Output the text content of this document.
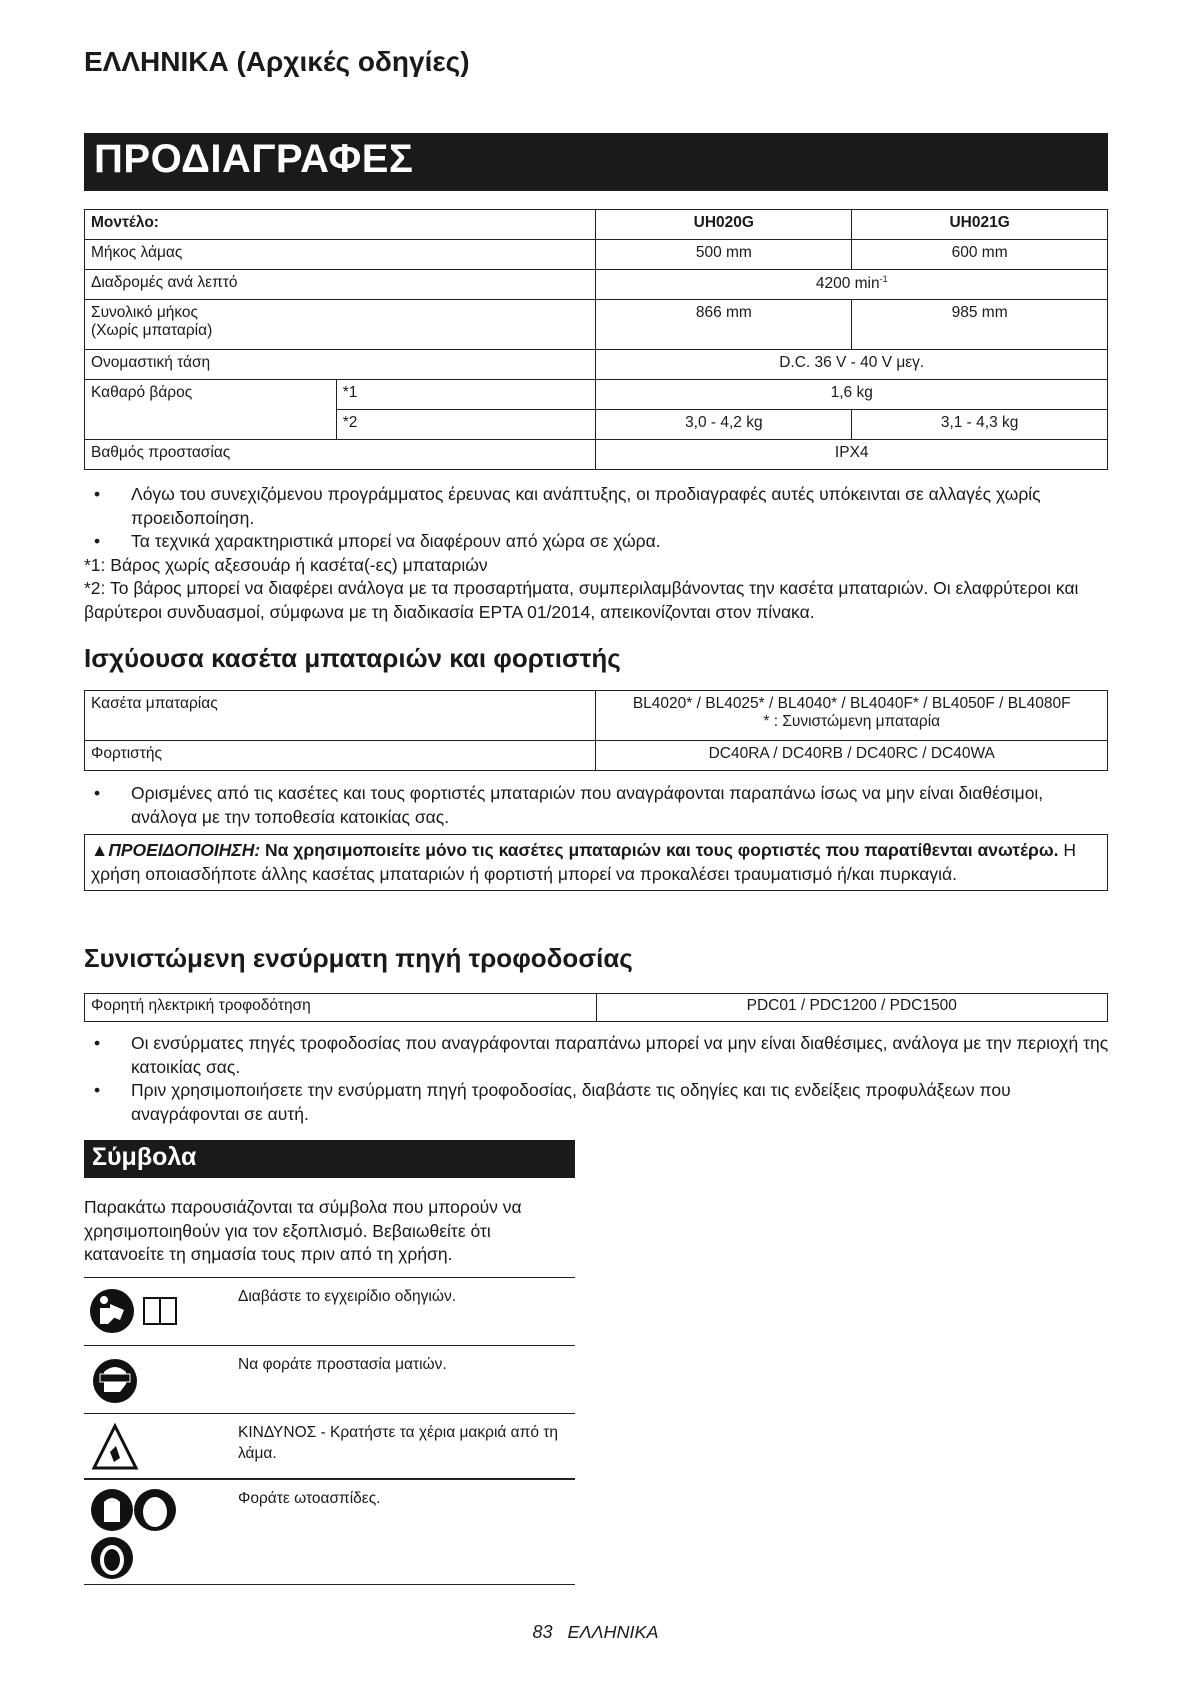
ΕΛΛΗΝΙΚΑ (Αρχικές οδηγίες)
ΠΡΟΔΙΑΓΡΑΦΕΣ
Μοντέλο:		UH020G	UH021G
Μήκος λάμας		500 mm	600 mm
Διαδρομές ανά λεπτό		4200 $\min^{-1}$

Συνολικό μήκος
(Χωρίς μπαταρία)		866 mm	985 mm
Ονομαστική τάση		D.C. 36 V - 40 V μεγ.	
Καθαρό βάρος	*1	1,6 kg	
	*2	3,0 - 4,2 kg	3,1 - 4,3 kg
Βαθμός προστασίας		IPX4	
• Λόγω του συνεχιζόμενου προγράμματος έρευνας και ανάπτυξης, οι προδιαγραφές αυτές υπόκεινται σε αλλαγές χωρίς προειδοποίηση.
• Τα τεχνικά χαρακτηριστικά μπορεί να διαφέρουν από χώρα σε χώρα.
*1: Βάρος χωρίς αξεσουάρ ή κασέτα(-ες) μπαταριών
*2: Το βάρος μπορεί να διαφέρει ανάλογα με τα προσαρτήματα, συμπεριλαμβάνοντας την κασέτα μπαταριών. Οι ελαφρύτεροι και βαρύτεροι συνδυασμοί, σύμφωνα με τη διαδικασία EPTA 01/2014, απεικονίζονται στον πίνακα.
Ισχύουσα κασέτα μπαταριών και φορτιστής
Κασέτα μπαταρίας	BL4020* / BL4025* / BL4040* / BL4040F* / BL4050F / BL4080F
* : Συνιστώμενη μπαταρία

Φορτιστής	DC40RA / DC40RB / DC40RC / DC40WA
• Ορισμένες από τις κασέτες και τους φορτιστές μπαταριών που αναγράφονται παραπάνω ίσως να μην είναι διαθέσιμοι, ανάλογα με την τοποθεσία κατοικίας σας.
▲ΠΡΟΕΙΔΟΠΟΙΗΣΗ: Να χρησιμοποιείτε μόνο τις κασέτες μπαταριών και τους φορτιστές που παρατίθενται ανωτέρω. Η χρήση οποιασδήποτε άλλης κασέτας μπαταριών ή φορτιστή μπορεί να προκαλέσει τραυματισμό ή/και πυρκαγιά.
Συνιστώμενη ενσύρματη πηγή τροφοδοσίας
Φορητή ηλεκτρική τροφοδότηση	PDC01 / PDC1200 / PDC1500
• Οι ενσύρματες πηγές τροφοδοσίας που αναγράφονται παραπάνω μπορεί να μην είναι διαθέσιμες, ανάλογα με την περιοχή της κατοικίας σας.
• Πριν χρησιμοποιήσετε την ενσύρματη πηγή τροφοδοσίας, διαβάστε τις οδηγίες και τις ενδείξεις προφυλάξεων που αναγράφονται σε αυτή.
Σύμβολα
Παρακάτω παρουσιάζονται τα σύμβολα που μπορούν να χρησιμοποιηθούν για τον εξοπλισμό. Βεβαιωθείτε ότι κατανοείτε τη σημασία τους πριν από τη χρήση.
Διαβάστε το εγχειρίδιο οδηγιών.
Να φοράτε προστασία ματιών.
ΚΙΝΔΥΝΟΣ - Κρατήστε τα χέρια μακριά από τη λάμα.
Φοράτε ωτοασπίδες.
83 ΕΛΛΗΝΙΚΑ
